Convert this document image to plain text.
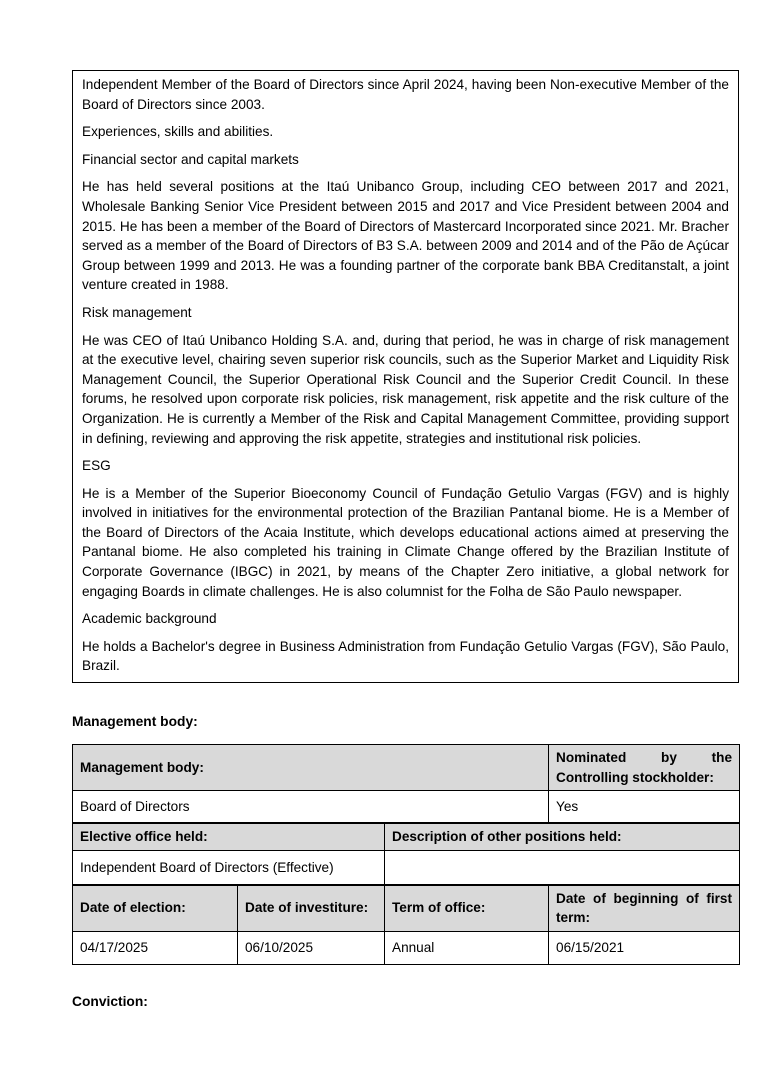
Independent Member of the Board of Directors since April 2024, having been Non-executive Member of the Board of Directors since 2003.

Experiences, skills and abilities.

Financial sector and capital markets

He has held several positions at the Itaú Unibanco Group, including CEO between 2017 and 2021, Wholesale Banking Senior Vice President between 2015 and 2017 and Vice President between 2004 and 2015. He has been a member of the Board of Directors of Mastercard Incorporated since 2021. Mr. Bracher served as a member of the Board of Directors of B3 S.A. between 2009 and 2014 and of the Pão de Açúcar Group between 1999 and 2013. He was a founding partner of the corporate bank BBA Creditanstalt, a joint venture created in 1988.

Risk management

He was CEO of Itaú Unibanco Holding S.A. and, during that period, he was in charge of risk management at the executive level, chairing seven superior risk councils, such as the Superior Market and Liquidity Risk Management Council, the Superior Operational Risk Council and the Superior Credit Council. In these forums, he resolved upon corporate risk policies, risk management, risk appetite and the risk culture of the Organization. He is currently a Member of the Risk and Capital Management Committee, providing support in defining, reviewing and approving the risk appetite, strategies and institutional risk policies.

ESG

He is a Member of the Superior Bioeconomy Council of Fundação Getulio Vargas (FGV) and is highly involved in initiatives for the environmental protection of the Brazilian Pantanal biome. He is a Member of the Board of Directors of the Acaia Institute, which develops educational actions aimed at preserving the Pantanal biome. He also completed his training in Climate Change offered by the Brazilian Institute of Corporate Governance (IBGC) in 2021, by means of the Chapter Zero initiative, a global network for engaging Boards in climate challenges. He is also columnist for the Folha de São Paulo newspaper.

Academic background

He holds a Bachelor's degree in Business Administration from Fundação Getulio Vargas (FGV), São Paulo, Brazil.

Management body:
Management body:			Nominated by the Controlling stockholder:
Board of Directors			Yes
Elective office held:		Description of other positions held:	
Independent Board of Directors (Effective)			
Date of election:	Date of investiture:	Term of office:	Date of beginning of first term:
04/17/2025	06/10/2025	Annual	06/15/2021
Conviction:
